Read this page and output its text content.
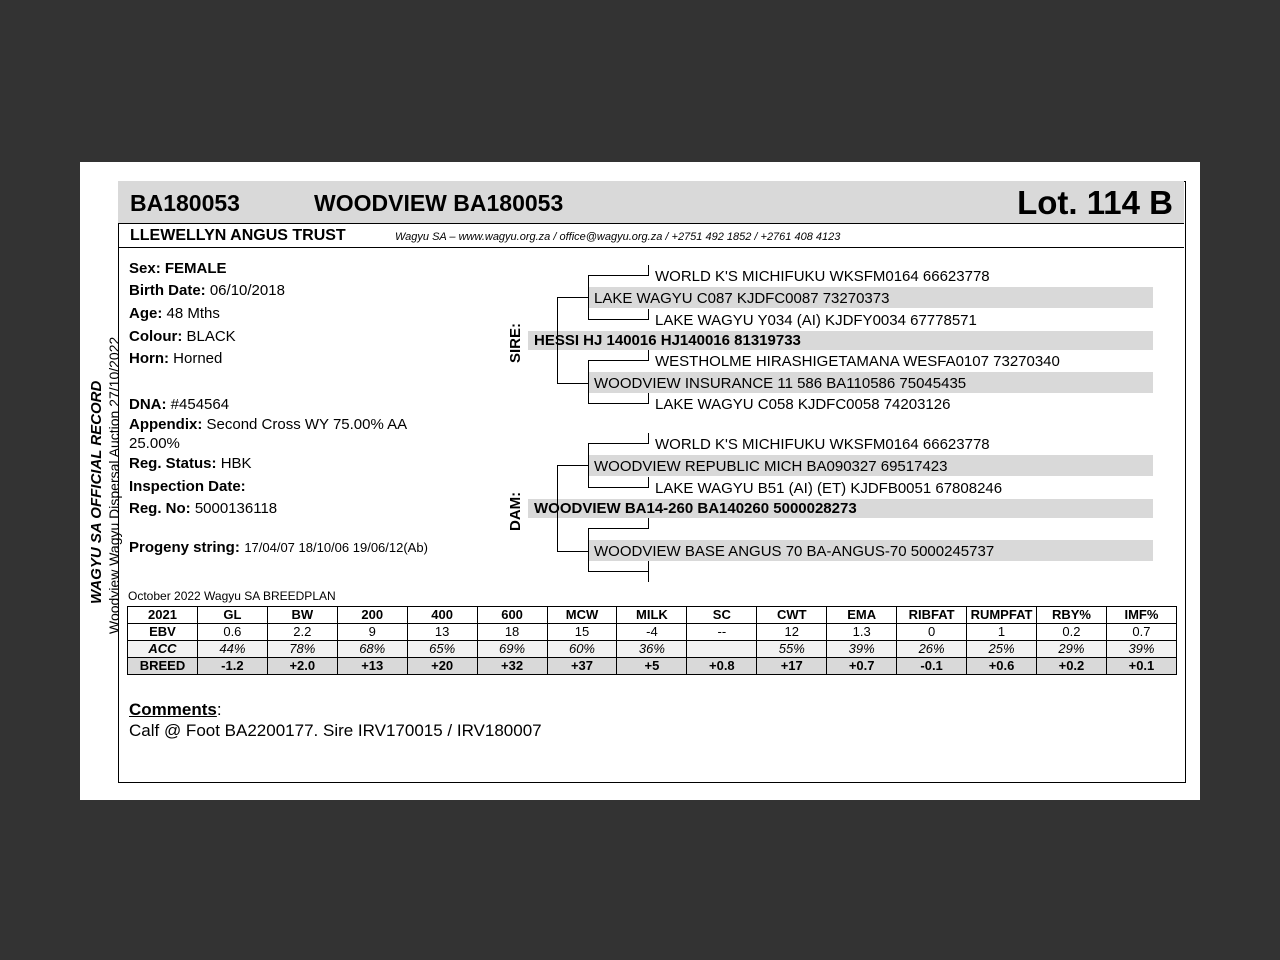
BA180053	WOODVIEW BA180053	Lot. 114 B
LLEWELLYN ANGUS TRUST	Wagyu SA – www.wagyu.org.za / office@wagyu.org.za / +2751 492 1852 / +2761 408 4123
WAGYU SA OFFICIAL RECORD Woodview Wagyu Dispersal Auction 27/10/2022
Sex: FEMALE
Birth Date: 06/10/2018
Age: 48 Mths
Colour: BLACK
Horn: Horned
DNA: #454564
Appendix: Second Cross WY 75.00% AA
25.00%
Reg. Status: HBK
Inspection Date:
Reg. No: 5000136118
Progeny string: 17/04/07 18/10/06 19/06/12(Ab)
SIRE:
DAM:
WORLD K'S MICHIFUKU WKSFM0164 66623778
LAKE WAGYU C087 KJDFC0087 73270373
LAKE WAGYU Y034 (AI) KJDFY0034 67778571
HESSI HJ 140016 HJ140016 81319733
WESTHOLME HIRASHIGETAMANA WESFA0107 73270340
WOODVIEW INSURANCE 11 586 BA110586 75045435
LAKE WAGYU C058 KJDFC0058 74203126
WORLD K'S MICHIFUKU WKSFM0164 66623778
WOODVIEW REPUBLIC MICH BA090327 69517423
LAKE WAGYU B51 (AI) (ET) KJDFB0051 67808246
WOODVIEW BA14-260 BA140260 5000028273
WOODVIEW BASE ANGUS 70 BA-ANGUS-70 5000245737
October 2022 Wagyu SA BREEDPLAN
2021	GL	BW	200	400	600	MCW	MILK	SC	CWT	EMA	RIBFAT	RUMPFAT	RBY%	IMF%
EBV	0.6	2.2	9	13	18	15	-4	--	12	1.3	0	1	0.2	0.7
ACC	44%	78%	68%	65%	69%	60%	36%		55%	39%	26%	25%	29%	39%
BREED	-1.2	+2.0	+13	+20	+32	+37	+5	+0.8	+17	+0.7	-0.1	+0.6	+0.2	+0.1
Comments:
Calf @ Foot BA2200177. Sire IRV170015 / IRV180007
